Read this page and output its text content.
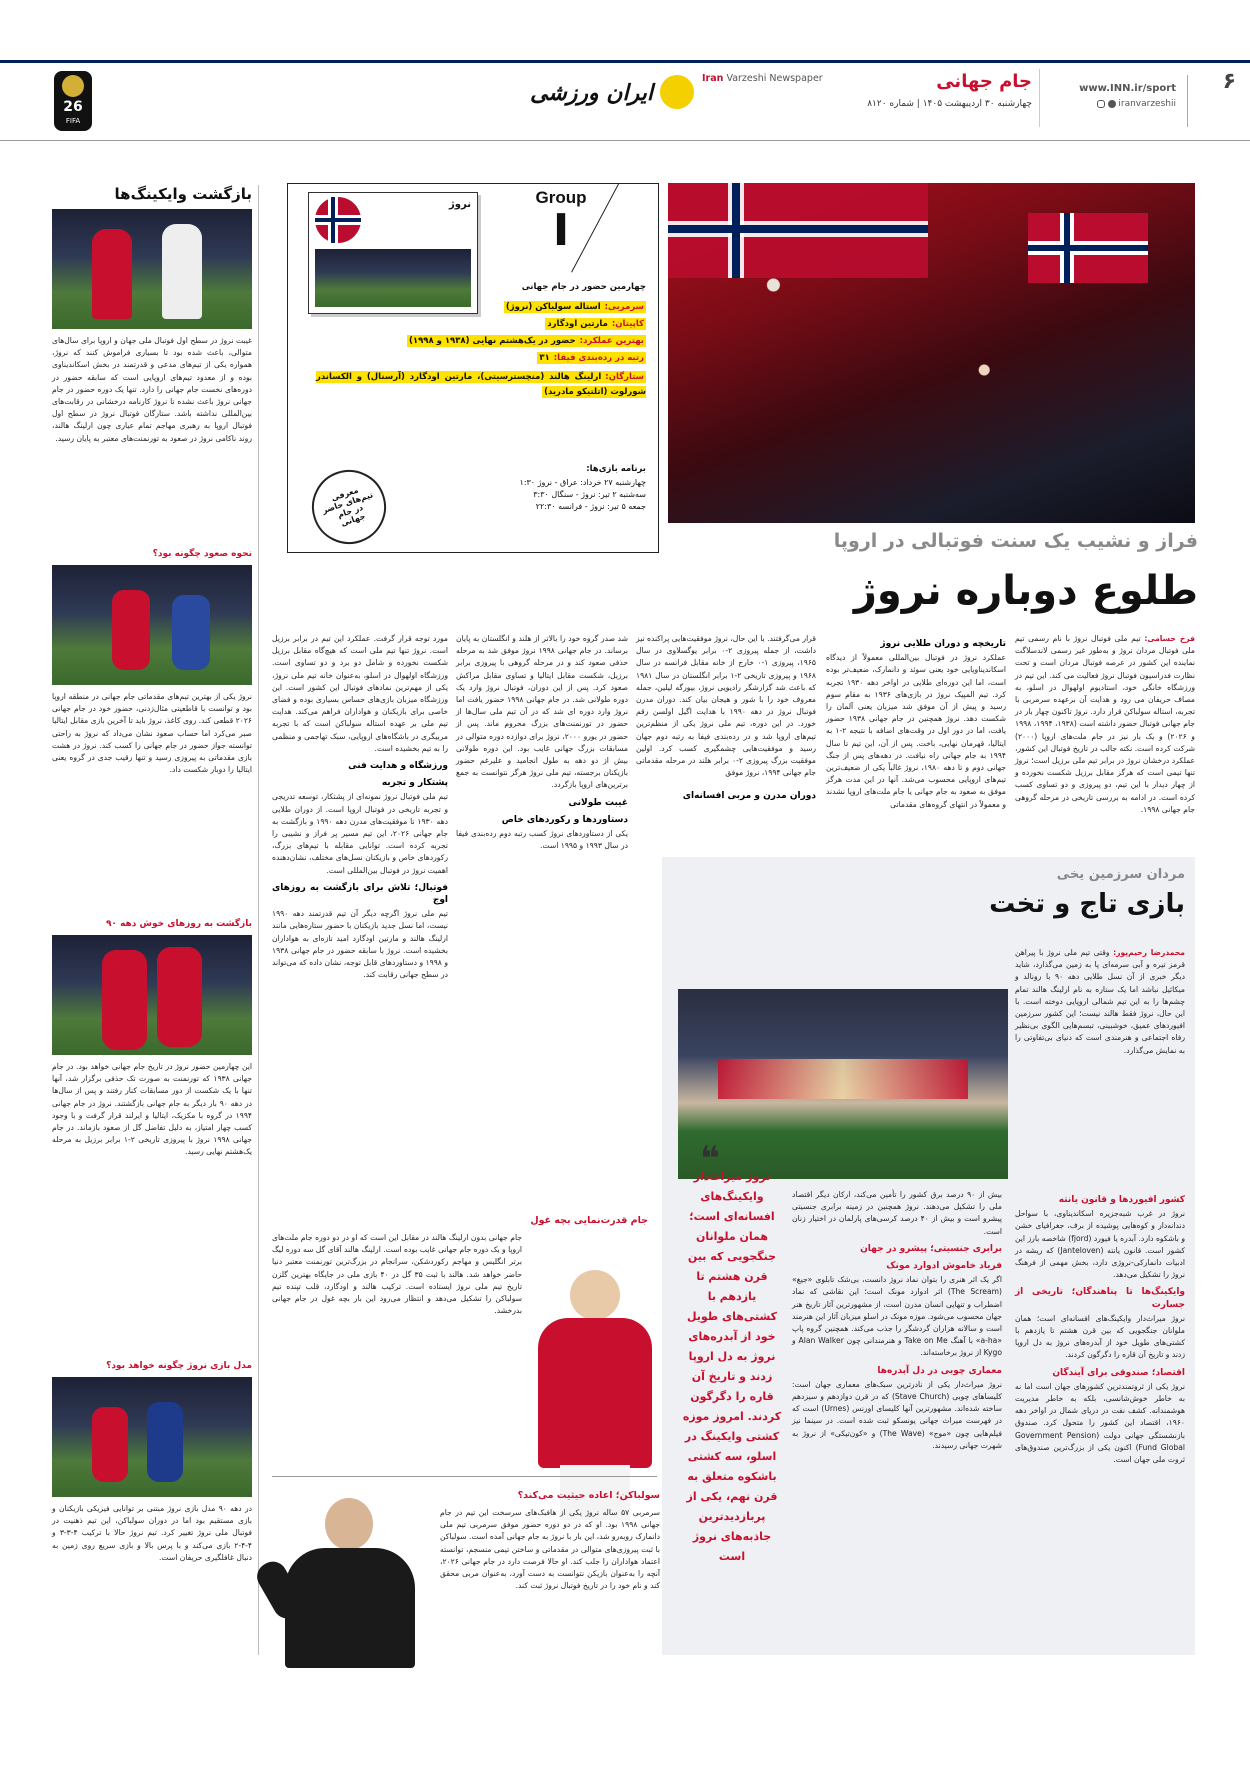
۶
www.INN.ir/sport
iranvarzeshii
جام جهانی
چهارشنبه ۳۰ اردیبهشت ۱۴۰۵ | شماره ۸۱۲۰
Iran Varzeshi Newspaper
ایران ورزشی
26
FIFA
بازگشت وایکینگ‌ها
غیبت نروژ در سطح اول فوتبال ملی جهان و اروپا برای سال‌های متوالی، باعث شده بود تا بسیاری فراموش کنند که نروژ، همواره یکی از تیم‌های مدعی و قدرتمند در بخش اسکاندیناوی بوده و از معدود تیم‌های اروپایی است که سابقه حضور در دوره‌های نخست جام جهانی را دارد. تنها یک دوره حضور در جام جهانی نروژ باعث نشده تا نروژ کارنامه درخشانی در رقابت‌های بین‌المللی نداشته باشد. ستارگان فوتبال نروژ در سطح اول فوتبال اروپا به رهبری مهاجم تمام عیاری چون ارلینگ هالند، روند ناکامی نروژ در صعود به تورنمنت‌های معتبر به پایان رسید.
نحوه صعود چگونه بود؟
نروژ یکی از بهترین تیم‌های مقدماتی جام جهانی در منطقه اروپا بود و توانست با قاطعیتی مثال‌زدنی، حضور خود در جام جهانی ۲۰۲۶ قطعی کند. روی کاغذ، نروژ باید تا آخرین بازی مقابل ایتالیا صبر می‌کرد اما حساب صعود نشان می‌داد که نروژ به راحتی توانسته جواز حضور در جام جهانی را کسب کند. نروژ در هشت بازی مقدماتی به پیروزی رسید و تنها رقیب جدی در گروه یعنی ایتالیا را دوبار شکست داد.
بازگشت به روزهای خوش دهه ۹۰
این چهارمین حضور نروژ در تاریخ جام جهانی خواهد بود. در جام جهانی ۱۹۳۸ که تورنمنت به صورت تک حذفی برگزار شد، آنها تنها با یک شکست از دور مسابقات کنار رفتند و پس از سال‌ها در دهه ۹۰ بار دیگر به جام جهانی بازگشتند. نروژ در جام جهانی ۱۹۹۴ در گروه با مکزیک، ایتالیا و ایرلند قرار گرفت و با وجود کسب چهار امتیاز، به دلیل تفاضل گل از صعود بازماند. در جام جهانی ۱۹۹۸ نروژ با پیروزی تاریخی ۲-۱ برابر برزیل به مرحله یک‌هشتم نهایی رسید.
مدل بازی نروژ چگونه خواهد بود؟
در دهه ۹۰ مدل بازی نروژ مبتنی بر توانایی فیزیکی بازیکنان و بازی مستقیم بود اما در دوران سولباکن، این تیم ذهنیت در فوتبال ملی نروژ تغییر کرد. تیم نروژ حالا با ترکیب ۴-۳-۳ و ۴-۴-۲ بازی می‌کند و با پرس بالا و بازی سریع روی زمین به دنبال غافلگیری حریفان است.
نروژ	Group
I
چهارمین حضور در جام جهانی
سرمربی:استاله سولباکن (نروژ)
کاپیتان:مارتین اودگارد
بهترین عملکرد:حضور در یک‌هشتم نهایی (۱۹۳۸ و ۱۹۹۸)
رتبه در رده‌بندی فیفا:۳۱
ستارگان:ارلینگ هالند (منچسترسیتی)، مارتین اودگارد (آرسنال) و الکساندر شورلوت (اتلتیکو مادرید)
برنامه بازی‌ها:
چهارشنبه ۲۷ خرداد: عراق - نروژ ۱:۳۰
سه‌شنبه ۲ تیر: نروژ - سنگال ۳:۳۰
جمعه ۵ تیر: نروژ - فرانسه ۲۲:۳۰
معرفی تیم‌های حاضر در جام جهانی
فراز و نشیب یک سنت فوتبالی در اروپا
طلوع دوباره نروژ
فرخ حسامی: تیم ملی فوتبال نروژ با نام رسمی تیم ملی فوتبال مردان نروژ و به‌طور غیر رسمی لاندسلاگت نماینده این کشور در عرصه فوتبال مردان است و تحت نظارت فدراسیون فوتبال نروژ فعالیت می کند. این تیم در ورزشگاه خانگی خود، استادیوم اولهوال در اسلو، به مصاف حریفان می رود و هدایت آن برعهده سرمربی با تجربه، استاله سولباکن قرار دارد. نروژ تاکنون چهار بار در جام جهانی فوتبال حضور داشته است (۱۹۳۸، ۱۹۹۴، ۱۹۹۸ و ۲۰۲۶) و یک بار نیز در جام ملت‌های اروپا (۲۰۰۰) شرکت کرده است. نکته جالب در تاریخ فوتبال این کشور، عملکرد درخشان نروژ در برابر تیم ملی برزیل است؛ نروژ تنها تیمی است که هرگز مقابل برزیل شکست نخورده و از چهار دیدار با این تیم، دو پیروزی و دو تساوی کسب کرده است. در ادامه به بررسی تاریخی در مرحله گروهی جام جهانی ۱۹۹۸.
تاریخچه و دوران طلایی نروژ
عملکرد نروژ در فوتبال بین‌المللی معمولاً از دیدگاه اسکاندیناویایی خود یعنی سوئد و دانمارک، ضعیف‌تر بوده است، اما این دوره‌ای طلایی در اواخر دهه ۱۹۳۰ تجربه کرد. تیم المپیک نروژ در بازی‌های ۱۹۳۶ به مقام سوم رسید و پیش از آن موفق شد میزبان یعنی آلمان را شکست دهد. نروژ همچنین در جام جهانی ۱۹۳۸ حضور یافت، اما در دور اول در وقت‌های اضافه با نتیجه ۲-۱ به ایتالیا، قهرمان نهایی، باخت. پس از آن، این تیم تا سال ۱۹۹۴ به جام جهانی راه نیافت. در دهه‌های پس از جنگ جهانی دوم و تا دهه ۱۹۸۰، نروژ غالباً یکی از ضعیف‌ترین تیم‌های اروپایی محسوب می‌شد. آنها در این مدت هرگز موفق به صعود به جام جهانی یا جام ملت‌های اروپا نشدند و معمولاً در انتهای گروه‌های مقدماتی
قرار می‌گرفتند. با این حال، نروژ موفقیت‌هایی پراکنده نیز داشت، از جمله پیروزی ۲-۰ برابر یوگسلاوی در سال ۱۹۶۵، پیروزی ۱-۰ خارج از خانه مقابل فرانسه در سال ۱۹۶۸ و پیروزی تاریخی ۲-۱ برابر انگلستان در سال ۱۹۸۱ که باعث شد گزارشگر رادیویی نروژ، بیورگه لیلین، جمله معروف خود را با شور و هیجان بیان کند. دوران مدرن فوتبال نروژ در دهه ۱۹۹۰ با هدایت اگیل اولسن رقم خورد. در این دوره، تیم ملی نروژ یکی از منظم‌ترین تیم‌های اروپا شد و در رده‌بندی فیفا به رتبه دوم جهان رسید و موفقیت‌هایی چشمگیری کسب کرد. اولین موفقیت بزرگ پیروزی ۲-۰ برابر هلند در مرحله مقدماتی جام جهانی ۱۹۹۴، نروژ موفق
شد صدر گروه خود را بالاتر از هلند و انگلستان به پایان برساند. در جام جهانی ۱۹۹۸ نروژ موفق شد به مرحله حذفی صعود کند و در مرحله گروهی با پیروزی برابر برزیل، شکست مقابل ایتالیا و تساوی مقابل مراکش صعود کرد. پس از این دوران، فوتبال نروژ وارد یک دوره طولانی شد. در جام جهانی ۱۹۹۸ حضور یافت اما نروژ وارد دوره ای شد که در آن تیم ملی سال‌ها از حضور در تورنمنت‌های بزرگ محروم ماند. پس از حضور در یورو ۲۰۰۰، نروژ برای دوازده دوره متوالی در مسابقات بزرگ جهانی غایب بود. این دوره طولانی بیش از دو دهه به طول انجامید و علیرغم حضور بازیکنان برجسته، تیم ملی نروژ هرگز نتوانست به جمع برترین‌های اروپا بازگردد.
غیبت طولانی
دستاوردها و رکوردهای خاص
یکی از دستاوردهای نروژ کسب رتبه دوم رده‌بندی فیفا در سال ۱۹۹۳ و ۱۹۹۵ است.
مورد توجه قرار گرفت. عملکرد این تیم در برابر برزیل است. نروژ تنها تیم ملی است که هیچ‌گاه مقابل برزیل شکست نخورده و شامل دو برد و دو تساوی است. ورزشگاه اولهوال در اسلو، به‌عنوان خانه تیم ملی نروژ، یکی از مهم‌ترین نمادهای فوتبال این کشور است. این ورزشگاه میزبان بازی‌های حساس بسیاری بوده و فضای خاصی برای بازیکنان و هواداران فراهم می‌کند. هدایت تیم ملی بر عهده استاله سولباکن است که با تجربه مربیگری در باشگاه‌های اروپایی، سبک تهاجمی و منظمی را به تیم بخشیده است.
ورزشگاه و هدایت فنی
پشتکار و تجربه
تیم ملی فوتبال نروژ نمونه‌ای از پشتکار، توسعه تدریجی و تجربه تاریخی در فوتبال اروپا است. از دوران طلایی دهه ۱۹۳۰ تا موفقیت‌های مدرن دهه ۱۹۹۰ و بازگشت به جام جهانی ۲۰۲۶، این تیم مسیر پر فراز و نشیبی را تجربه کرده است. توانایی مقابله با تیم‌های بزرگ، رکوردهای خاص و بازیکنان نسل‌های مختلف، نشان‌دهنده اهمیت نروژ در فوتبال بین‌المللی است.
فوتبال؛ تلاش برای بازگشت به روزهای اوج
تیم ملی نروژ اگرچه دیگر آن تیم قدرتمند دهه ۱۹۹۰ نیست، اما نسل جدید بازیکنان با حضور ستاره‌هایی مانند ارلینگ هالند و مارتین اودگارد امید تازه‌ای به هواداران بخشیده است. نروژ با سابقه حضور در جام جهانی ۱۹۳۸ و ۱۹۹۸ و دستاوردهای قابل توجه، نشان داده که می‌تواند در سطح جهانی رقابت کند.
دوران مدرن و مربی افسانه‌ای
مردان سرزمین یخی
بازی تاج و تخت
محمدرضا رحیم‌پور: وقتی تیم ملی نروژ با پیراهن قرمز تیره و آبی سرمه‌ای پا به زمین می‌گذارد، شاید دیگر خبری از آن نسل طلایی دهه ۹۰ با رونالد و میکائیل نباشد اما یک ستاره به نام ارلینگ هالند تمام چشم‌ها را به این تیم شمالی اروپایی دوخته است. با این حال، نروژ فقط هالند نیست؛ این کشور سرزمین افیوردهای عمیق، خوشبینی، تبسم‌هایی الگوی بی‌نظیر رفاه اجتماعی و هنرمندی است که دنیای بی‌تفاوتی را به نمایش می‌گذارد.
کشور افیوردها و قانون یانته
نروژ در غرب شبه‌جزیره اسکاندیناوی، با سواحل دندانه‌دار و کوه‌هایی پوشیده از برف، جغرافیای خشن و باشکوه دارد. آبدره یا فیورد (fjord) شاخصه بارز این کشور است. قانون یانته (Janteloven) که ریشه در ادبیات دانمارکی-نروژی دارد، بخش مهمی از فرهنگ نروژ را تشکیل می‌دهد.
وایکینگ‌ها تا پناهندگان؛ تاریخی از جسارت
نروژ میراث‌دار وایکینگ‌های افسانه‌ای است؛ همان ملوانان جنگجویی که بین قرن هشتم تا یازدهم با کشتی‌های طویل خود از آبدره‌های نروژ به دل اروپا زدند و تاریخ آن قاره را دگرگون کردند.
اقتصاد؛ صندوقی برای آیندگان
نروژ یکی از ثروتمندترین کشورهای جهان است اما نه به خاطر خوش‌شانسی، بلکه به خاطر مدیریت هوشمندانه. کشف نفت در دریای شمال در اواخر دهه ۱۹۶۰، اقتصاد این کشور را متحول کرد. صندوق بازنشستگی جهانی دولت (Government Pension Fund Global) اکنون یکی از بزرگ‌ترین صندوق‌های ثروت ملی جهان است.
بیش از ۹۰ درصد برق کشور را تأمین می‌کند، ارکان دیگر اقتصاد ملی را تشکیل می‌دهند. نروژ همچنین در زمینه برابری جنسیتی پیشرو است و بیش از ۴۰ درصد کرسی‌های پارلمان در اختیار زنان است.
برابری جنسیتی؛ پیشرو در جهان
فریاد خاموش ادوارد مونک
اگر یک اثر هنری را بتوان نماد نروژ دانست، بی‌شک تابلوی «جیغ» (The Scream) اثر ادوارد مونک است؛ این نقاشی که نماد اضطراب و تنهایی انسان مدرن است، از مشهورترین آثار تاریخ هنر جهان محسوب می‌شود. موزه مونک در اسلو میزبان آثار این هنرمند است و سالانه هزاران گردشگر را جذب می‌کند. همچنین گروه پاپ «a-ha» با آهنگ Take on Me و هنرمندانی چون Alan Walker و Kygo از نروژ برخاسته‌اند.
معماری چوبی در دل آبدره‌ها
نروژ میراث‌دار یکی از نادرترین سبک‌های معماری جهان است: کلیساهای چوبی (Stave Church) که در قرن دوازدهم و سیزدهم ساخته شده‌اند. مشهورترین آنها کلیسای اورنس (Urnes) است که در فهرست میراث جهانی یونسکو ثبت شده است. در سینما نیز فیلم‌هایی چون «موج» (The Wave) و «کون‌تیکی» از نروژ به شهرت جهانی رسیدند.
❝
نروژ میراث‌دار وایکینگ‌های افسانه‌ای است؛ همان ملوانان جنگجویی که بین قرن هشتم تا یازدهم با کشتی‌های طویل خود از آبدره‌های نروژ به دل اروپا زدند و تاریخ آن قاره را دگرگون کردند. امروز موزه کشتی وایکینگ در اسلو، سه کشتی باشکوه متعلق به قرن نهم، یکی از پربازدیدترین جاذبه‌های نروژ است
جام قدرت‌نمایی بچه غول
جام جهانی بدون ارلینگ هالند در مقابل این است که او در دو دوره جام ملت‌های اروپا و یک دوره جام جهانی غایب بوده است. ارلینگ هالند آقای گل سه دوره لیگ برتر انگلیس و مهاجم رکوردشکن، سرانجام در بزرگ‌ترین تورنمنت معتبر دنیا حاضر خواهد شد. هالند با ثبت ۳۵ گل در ۴۰ بازی ملی در جایگاه بهترین گلزن تاریخ تیم ملی نروژ ایستاده است. ترکیب هالند و اودگارد، قلب تپنده تیم سولباکن را تشکیل می‌دهد و انتظار می‌رود این بار بچه غول در جام جهانی بدرخشد.
سولباکن؛ اعاده حیثیت می‌کند؟
سرمربی ۵۷ ساله نروژ یکی از هافبک‌های سرسخت این تیم در جام جهانی ۱۹۹۸ بود. او که در دو دوره حضور موفق سرمربی تیم ملی دانمارک روبه‌رو شد، این بار با نروژ به جام جهانی آمده است. سولباکن با ثبت پیروزی‌های متوالی در مقدماتی و ساختن تیمی منسجم، توانسته اعتماد هواداران را جلب کند. او حالا فرصت دارد در جام جهانی ۲۰۲۶، آنچه را به‌عنوان بازیکن نتوانست به دست آورد، به‌عنوان مربی محقق کند و نام خود را در تاریخ فوتبال نروژ ثبت کند.
